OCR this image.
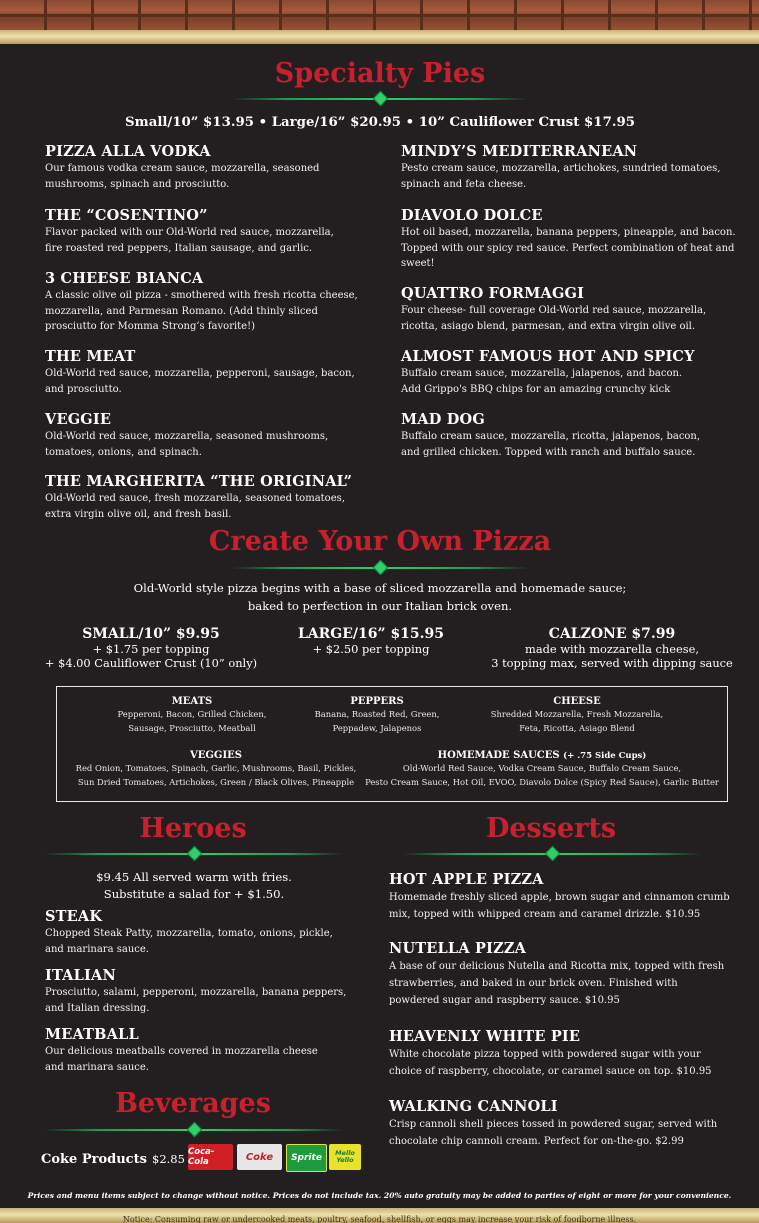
Specialty Pies

Small/10” $13.95 • Large/16” $20.95 • 10” Cauliflower Crust $17.95

PIZZA ALLA VODKA
Our famous vodka cream sauce, mozzarella, seasoned mushrooms, spinach and prosciutto.
THE “COSENTINO”
Flavor packed with our Old-World red sauce, mozzarella, fire roasted red peppers, Italian sausage, and garlic.
3 CHEESE BIANCA
A classic olive oil pizza - smothered with fresh ricotta cheese, mozzarella, and Parmesan Romano. (Add thinly sliced prosciutto for Momma Strong’s favorite!)
THE MEAT
Old-World red sauce, mozzarella, pepperoni, sausage, bacon, and prosciutto.
VEGGIE
Old-World red sauce, mozzarella, seasoned mushrooms, tomatoes, onions, and spinach.
THE MARGHERITA “THE ORIGINAL”
Old-World red sauce, fresh mozzarella, seasoned tomatoes, extra virgin olive oil, and fresh basil.
MINDY’S MEDITERRANEAN
Pesto cream sauce, mozzarella, artichokes, sundried tomatoes, spinach and feta cheese.
DIAVOLO DOLCE
Hot oil based, mozzarella, banana peppers, pineapple, and bacon. Topped with our spicy red sauce. Perfect combination of heat and sweet!
QUATTRO FORMAGGI
Four cheese- full coverage Old-World red sauce, mozzarella, ricotta, asiago blend, parmesan, and extra virgin olive oil.
ALMOST FAMOUS HOT AND SPICY
Buffalo cream sauce, mozzarella, jalapenos, and bacon. Add Grippo's BBQ chips for an amazing crunchy kick
MAD DOG
Buffalo cream sauce, mozzarella, ricotta, jalapenos, bacon, and grilled chicken. Topped with ranch and buffalo sauce.
Create Your Own Pizza

Old-World style pizza begins with a base of sliced mozzarella and homemade sauce;

baked to perfection in our Italian brick oven.

SMALL/10” $9.95
+ $1.75 per topping
+ $4.00 Cauliflower Crust (10” only)
LARGE/16” $15.95
+ $2.50 per topping
CALZONE $7.99
made with mozzarella cheese,
3 topping max, served with dipping sauce
MEATS
Pepperoni, Bacon, Grilled Chicken,
Sausage, Prosciutto, Meatball
PEPPERS
Banana, Roasted Red, Green,
Peppadew, Jalapenos
CHEESE
Shredded Mozzarella, Fresh Mozzarella,
Feta, Ricotta, Asiago Blend
VEGGIES
Red Onion, Tomatoes, Spinach, Garlic, Mushrooms, Basil, Pickles,
Sun Dried Tomatoes, Artichokes, Green / Black Olives, Pineapple
HOMEMADE SAUCES (+ .75 Side Cups)
Old-World Red Sauce, Vodka Cream Sauce, Buffalo Cream Sauce,
Pesto Cream Sauce, Hot Oil, EVOO, Diavolo Dolce (Spicy Red Sauce), Garlic Butter
Heroes

$9.45 All served warm with fries.

Substitute a salad for + $1.50.

STEAK
Chopped Steak Patty, mozzarella, tomato, onions, pickle, and marinara sauce.
ITALIAN
Prosciutto, salami, pepperoni, mozzarella, banana peppers, and Italian dressing.
MEATBALL
Our delicious meatballs covered in mozzarella cheese and marinara sauce.
Desserts
HOT APPLE PIZZA
Homemade freshly sliced apple, brown sugar and cinnamon crumb mix, topped with whipped cream and caramel drizzle. $10.95
NUTELLA PIZZA
A base of our delicious Nutella and Ricotta mix, topped with fresh strawberries, and baked in our brick oven. Finished with powdered sugar and raspberry sauce. $10.95
HEAVENLY WHITE PIE
White chocolate pizza topped with powdered sugar with your choice of raspberry, chocolate, or caramel sauce on top. $10.95
WALKING CANNOLI
Crisp cannoli shell pieces tossed in powdered sugar, served with chocolate chip cannoli cream. Perfect for on-the-go. $2.99
Beverages
Coke Products $2.85 Coca-Cola	Coke	Sprite	Mello Yello

Prices and menu items subject to change without notice. Prices do not include tax. 20% auto gratuity may be added to parties of eight or more for your convenience.

Notice: Consuming raw or undercooked meats, poultry, seafood, shellfish, or eggs may increase your risk of foodborne illness.
